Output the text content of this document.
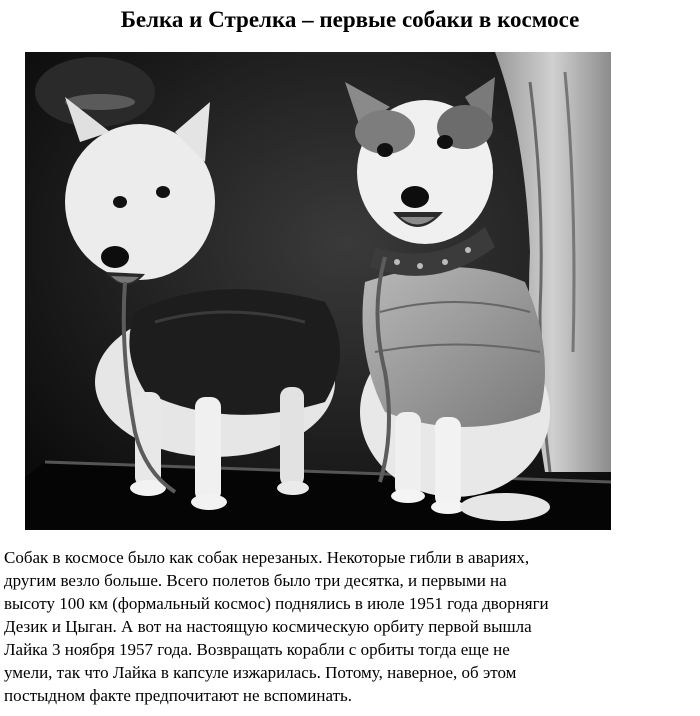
Белка и Стрелка – первые собаки в космосе
Собак в космосе было как собак нерезаных. Некоторые гибли в авариях,
другим везло больше. Всего полетов было три десятка, и первыми на
высоту 100 км (формальный космос) поднялись в июле 1951 года дворняги
Дезик и Цыган. А вот на настоящую космическую орбиту первой вышла
Лайка 3 ноября 1957 года. Возвращать корабли с орбиты тогда еще не
умели, так что Лайка в капсуле изжарилась. Потому, наверное, об этом
постыдном факте предпочитают не вспоминать.
